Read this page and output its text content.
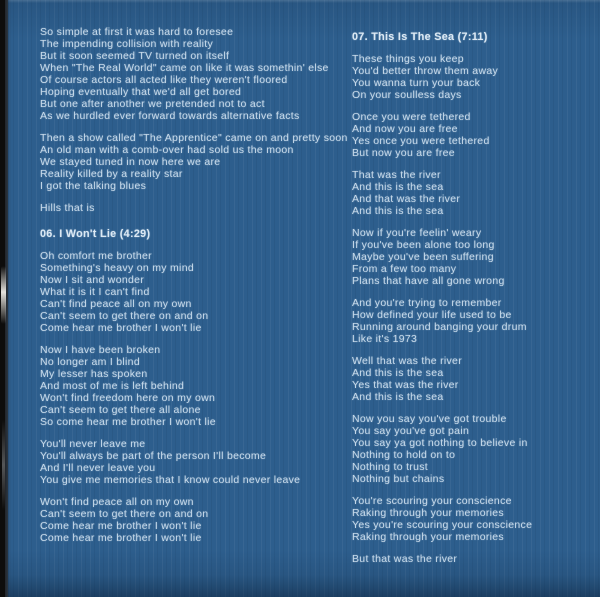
So simple at first it was hard to foresee
The impending collision with reality
But it soon seemed TV turned on itself
When "The Real World" came on like it was somethin' else
Of course actors all acted like they weren't floored
Hoping eventually that we'd all get bored
But one after another we pretended not to act
As we hurdled ever forward towards alternative facts

Then a show called "The Apprentice" came on and pretty soon
An old man with a comb-over had sold us the moon
We stayed tuned in now here we are
Reality killed by a reality star
I got the talking blues

Hills that is

06. I Won't Lie (4:29)

Oh comfort me brother
Something's heavy on my mind
Now I sit and wonder
What it is it I can't find
Can't find peace all on my own
Can't seem to get there on and on
Come hear me brother I won't lie

Now I have been broken
No longer am I blind
My lesser has spoken
And most of me is left behind
Won't find freedom here on my own
Can't seem to get there all alone
So come hear me brother I won't lie

You'll never leave me
You'll always be part of the person I'll become
And I'll never leave you
You give me memories that I know could never leave

Won't find peace all on my own
Can't seem to get there on and on
Come hear me brother I won't lie
Come hear me brother I won't lie

07. This Is The Sea (7:11)

These things you keep
You'd better throw them away
You wanna turn your back
On your soulless days

Once you were tethered
And now you are free
Yes once you were tethered
But now you are free

That was the river
And this is the sea
And that was the river
And this is the sea

Now if you're feelin' weary
If you've been alone too long
Maybe you've been suffering
From a few too many
Plans that have all gone wrong

And you're trying to remember
How defined your life used to be
Running around banging your drum
Like it's 1973

Well that was the river
And this is the sea
Yes that was the river
And this is the sea

Now you say you've got trouble
You say you've got pain
You say ya got nothing to believe in
Nothing to hold on to
Nothing to trust
Nothing but chains

You're scouring your conscience
Raking through your memories
Yes you're scouring your conscience
Raking through your memories

But that was the river
